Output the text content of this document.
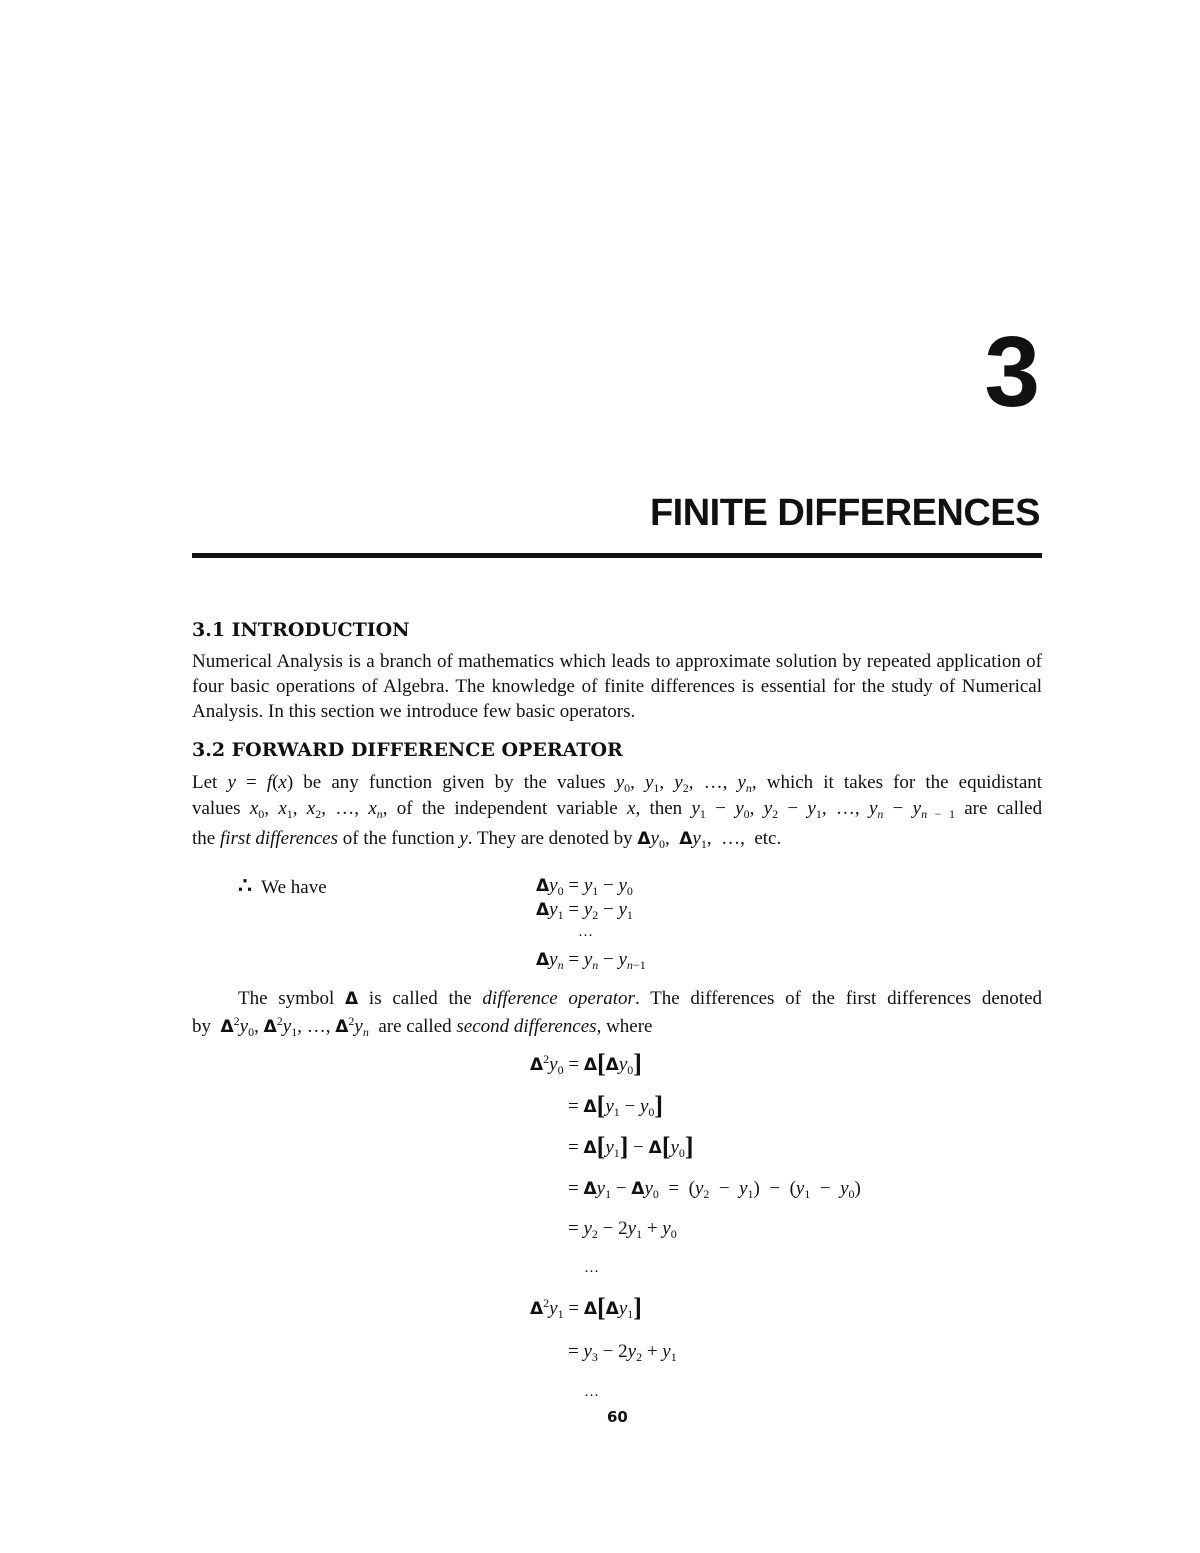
3
FINITE DIFFERENCES
3.1 INTRODUCTION
Numerical Analysis is a branch of mathematics which leads to approximate solution by repeated application of four basic operations of Algebra. The knowledge of finite differences is essential for the study of Numerical Analysis. In this section we introduce few basic operators.
3.2 FORWARD DIFFERENCE OPERATOR
Let y = f(x) be any function given by the values $y_0$, $y_1$, $y_2$, …, $y_n$, which it takes for the equidistant
values $x_0$, $x_1$, $x_2$, …, $x_n$, of the independent variable x, then $y_1 - y_0$, $y_2 - y_1$, …, $y_n - y_{n - 1}$ are called
the first differences of the function y. They are denoted by $\Delta y_0$,  $\Delta y_1$,  …,  etc.
∴ We have	$\Delta y_0 = y_1 - y_0$
$\Delta y_1 = y_2 - y_1$
…
$\Delta y_n = y_n - y_{n-1}$
The symbol Δ is called the difference operator. The differences of the first differences denoted
by  $\Delta^2y_0$, $\Delta^2y_1$, …, $\Delta^2y_n$  are called second differences, where
$\Delta^2y_0 = \Delta[\Delta y_0]$
= $\Delta[y_1 - y_0]$
= $\Delta[y_1] - \Delta[y_0]$
= $\Delta y_1 - \Delta y_0 = (y_2 - y_1) - (y_1 - y_0)$
= $y_2 - 2y_1 + y_0$
…
$\Delta^2y_1 = \Delta[\Delta y_1]$
= $y_3 - 2y_2 + y_1$
…
60
